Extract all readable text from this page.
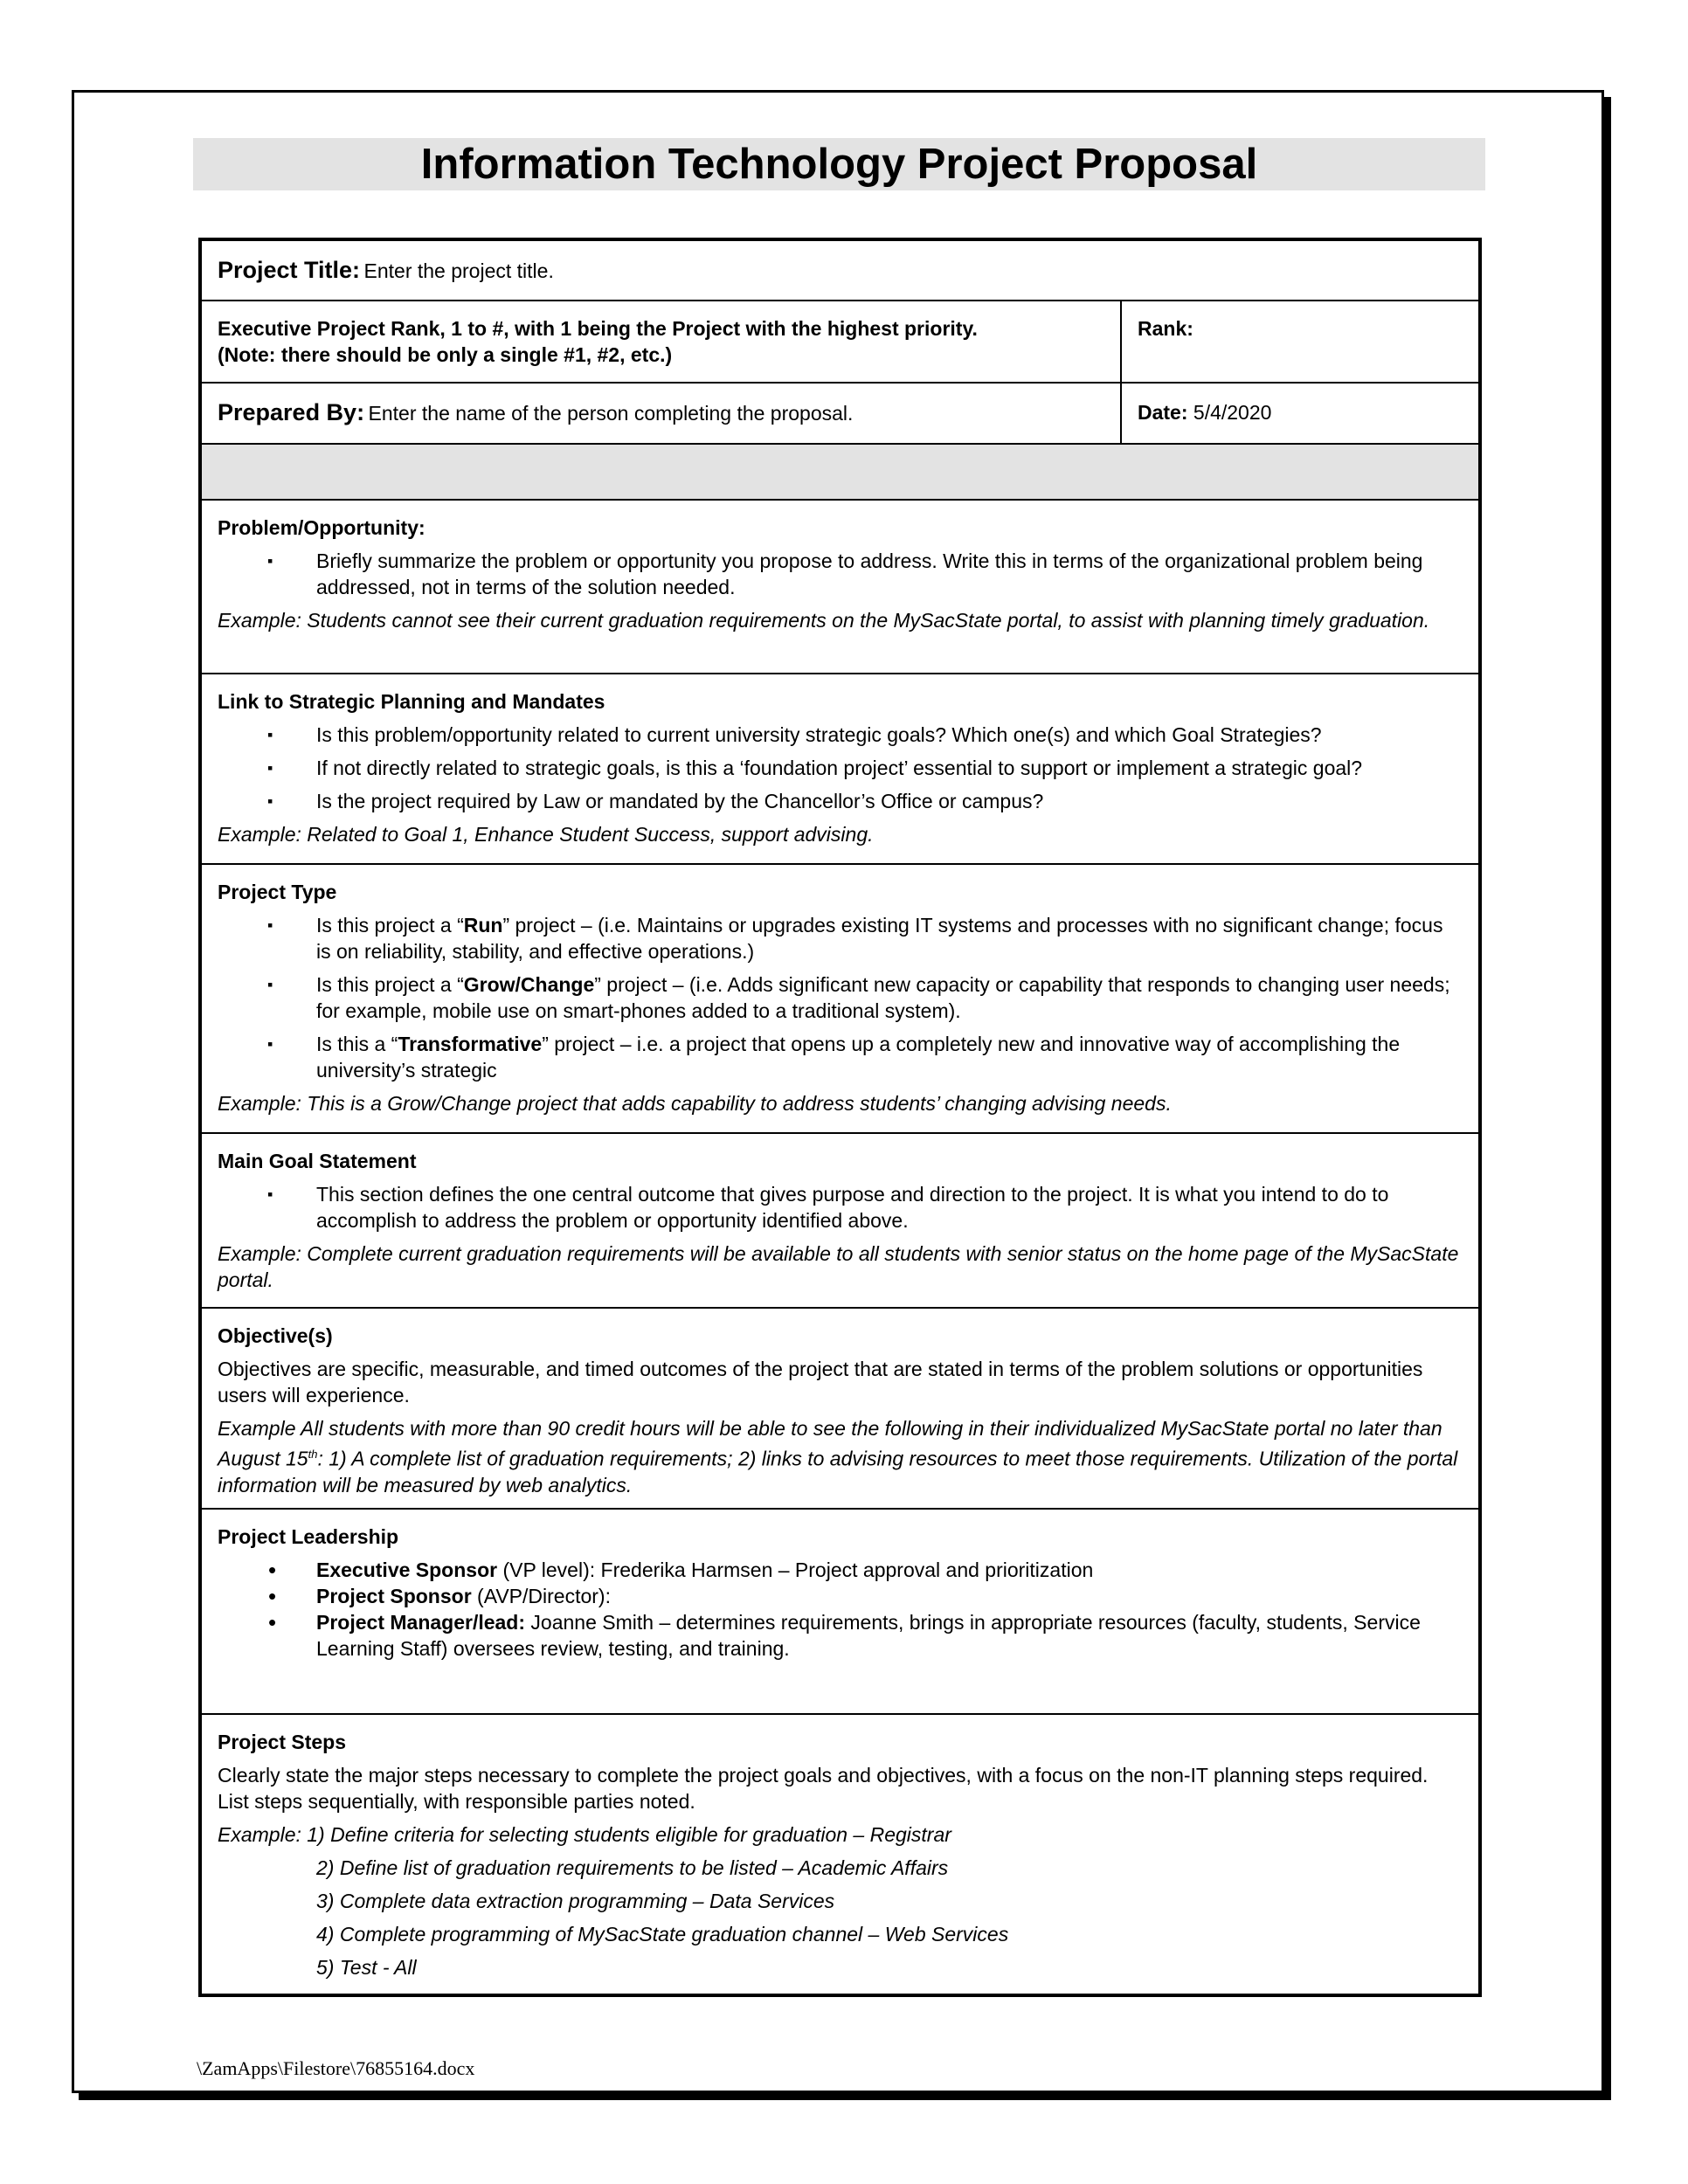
Information Technology Project Proposal
Project Title: Enter the project title.
Executive Project Rank, 1 to #, with 1 being the Project with the highest priority.
(Note: there should be only a single #1, #2, etc.)
Rank:
Prepared By: Enter the name of the person completing the proposal.	Date: 5/4/2020
Problem/Opportunity:
▪ Briefly summarize the problem or opportunity you propose to address. Write this in terms of the organizational problem being addressed, not in terms of the solution needed.
Example: Students cannot see their current graduation requirements on the MySacState portal, to assist with planning timely graduation.
Link to Strategic Planning and Mandates
▪ Is this problem/opportunity related to current university strategic goals? Which one(s) and which Goal Strategies?
▪ If not directly related to strategic goals, is this a ‘foundation project’ essential to support or implement a strategic goal?
▪ Is the project required by Law or mandated by the Chancellor’s Office or campus?
Example: Related to Goal 1, Enhance Student Success, support advising.
Project Type
▪ Is this project a “Run” project – (i.e. Maintains or upgrades existing IT systems and processes with no significant change; focus is on reliability, stability, and effective operations.)
▪ Is this project a “Grow/Change” project – (i.e. Adds significant new capacity or capability that responds to changing user needs; for example, mobile use on smart-phones added to a traditional system).
▪ Is this a “Transformative” project – i.e. a project that opens up a completely new and innovative way of accomplishing the university’s strategic
Example: This is a Grow/Change project that adds capability to address students’ changing advising needs.
Main Goal Statement
▪ This section defines the one central outcome that gives purpose and direction to the project. It is what you intend to do to accomplish to address the problem or opportunity identified above.
Example: Complete current graduation requirements will be available to all students with senior status on the home page of the MySacState portal.
Objective(s)
Objectives are specific, measurable, and timed outcomes of the project that are stated in terms of the problem solutions or opportunities users will experience.
Example All students with more than 90 credit hours will be able to see the following in their individualized MySacState portal no later than August 15th: 1) A complete list of graduation requirements; 2) links to advising resources to meet those requirements. Utilization of the portal information will be measured by web analytics.
Project Leadership
• Executive Sponsor (VP level): Frederika Harmsen – Project approval and prioritization
• Project Sponsor (AVP/Director):
• Project Manager/lead: Joanne Smith – determines requirements, brings in appropriate resources (faculty, students, Service Learning Staff) oversees review, testing, and training.
Project Steps
Clearly state the major steps necessary to complete the project goals and objectives, with a focus on the non-IT planning steps required. List steps sequentially, with responsible parties noted.
Example: 1) Define criteria for selecting students eligible for graduation – Registrar
2) Define list of graduation requirements to be listed – Academic Affairs
3) Complete data extraction programming – Data Services
4) Complete programming of MySacState graduation channel – Web Services
5) Test - All
\ZamApps\Filestore\76855164.docx
